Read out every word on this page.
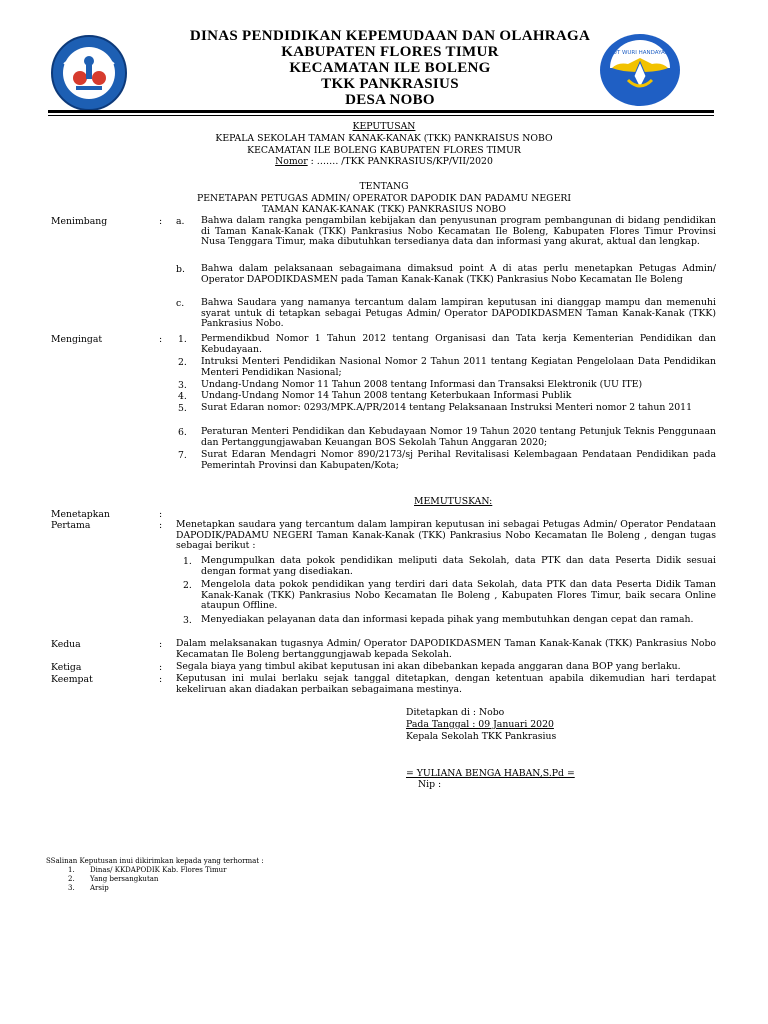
TUT WURI HANDAYANI
DINAS PENDIDIKAN KEPEMUDAAN DAN OLAHRAGA
KABUPATEN FLORES TIMUR
KECAMATAN ILE BOLENG
TKK PANKRASIUS
DESA NOBO
KEPUTUSAN
KEPALA SEKOLAH TAMAN KANAK-KANAK (TKK) PANKRAISUS NOBO
KECAMATAN ILE BOLENG KABUPATEN FLORES TIMUR
Nomor : ……. /TKK PANKRASIUS/KP/VII/2020
TENTANG
PENETAPAN PETUGAS ADMIN/ OPERATOR DAPODIK DAN PADAMU NEGERI
TAMAN KANAK-KANAK (TKK) PANKRASIUS NOBO
Menimbang	: a. Bahwa dalam rangka pengambilan kebijakan dan penyusunan program pembangunan di bidang pendidikan di Taman Kanak-Kanak (TKK) Pankrasius Nobo Kecamatan Ile Boleng, Kabupaten Flores Timur Provinsi Nusa Tenggara Timur, maka dibutuhkan tersedianya data dan informasi yang akurat, aktual dan lengkap.
b. Bahwa dalam pelaksanaan sebagaimana dimaksud point A di atas perlu menetapkan Petugas Admin/ Operator DAPODIKDASMEN pada Taman Kanak-Kanak (TKK) Pankrasius Nobo Kecamatan Ile Boleng
c. Bahwa Saudara yang namanya tercantum dalam lampiran keputusan ini dianggap mampu dan memenuhi syarat untuk di tetapkan sebagai Petugas Admin/ Operator DAPODIKDASMEN Taman Kanak-Kanak (TKK) Pankrasius Nobo.
Mengingat	: 1. Permendikbud Nomor 1 Tahun 2012 tentang Organisasi dan Tata kerja Kementerian Pendidikan dan Kebudayaan.
2. Intruksi Menteri Pendidikan Nasional Nomor 2 Tahun 2011 tentang Kegiatan Pengelolaan Data Pendidikan Menteri Pendidikan Nasional;
3. Undang-Undang Nomor 11 Tahun 2008 tentang Informasi dan Transaksi Elektronik (UU ITE)
4. Undang-Undang Nomor 14 Tahun 2008 tentang Keterbukaan Informasi Publik
5. Surat Edaran nomor: 0293/MPK.A/PR/2014 tentang Pelaksanaan Instruksi Menteri nomor 2 tahun 2011
6. Peraturan Menteri Pendidikan dan Kebudayaan Nomor 19 Tahun 2020 tentang Petunjuk Teknis Penggunaan dan Pertanggungjawaban Keuangan BOS Sekolah Tahun Anggaran 2020;
7. Surat Edaran Mendagri Nomor 890/2173/sj Perihal Revitalisasi Kelembagaan Pendataan Pendidikan pada Pemerintah Provinsi dan Kabupaten/Kota;
MEMUTUSKAN:
Menetapkan	:
Pertama	: Menetapkan saudara yang tercantum dalam lampiran keputusan ini sebagai Petugas Admin/ Operator Pendataan DAPODIK/PADAMU NEGERI Taman Kanak-Kanak (TKK) Pankrasius Nobo Kecamatan Ile Boleng , dengan tugas sebagai berikut :
1. Mengumpulkan data pokok pendidikan meliputi data Sekolah, data PTK dan data Peserta Didik sesuai dengan format yang disediakan.
2. Mengelola data pokok pendidikan yang terdiri dari data Sekolah, data PTK dan data Peserta Didik Taman Kanak-Kanak (TKK) Pankrasius Nobo Kecamatan Ile Boleng , Kabupaten Flores Timur, baik secara Online ataupun Offline.
3. Menyediakan pelayanan data dan informasi kepada pihak yang membutuhkan dengan cepat dan ramah.
Kedua	: Dalam melaksanakan tugasnya Admin/ Operator DAPODIKDASMEN Taman Kanak-Kanak (TKK) Pankrasius Nobo Kecamatan Ile Boleng bertanggungjawab kepada Sekolah.
Ketiga	: Segala biaya yang timbul akibat keputusan ini akan dibebankan kepada anggaran dana BOP yang berlaku.
Keempat	: Keputusan ini mulai berlaku sejak tanggal ditetapkan, dengan ketentuan apabila dikemudian hari terdapat kekeliruan akan diadakan perbaikan sebagaimana mestinya.
Ditetapkan di : Nobo
Pada Tanggal : 09 Januari 2020
Kepala Sekolah TKK Pankrasius
= YULIANA BENGA HABAN,S.Pd =
Nip :
SSalinan Keputusan inui dikirimkan kepada yang terhormat :
1. Dinas/ KKDAPODIK Kab. Flores Timur
2. Yang bersangkutan
3. Arsip
